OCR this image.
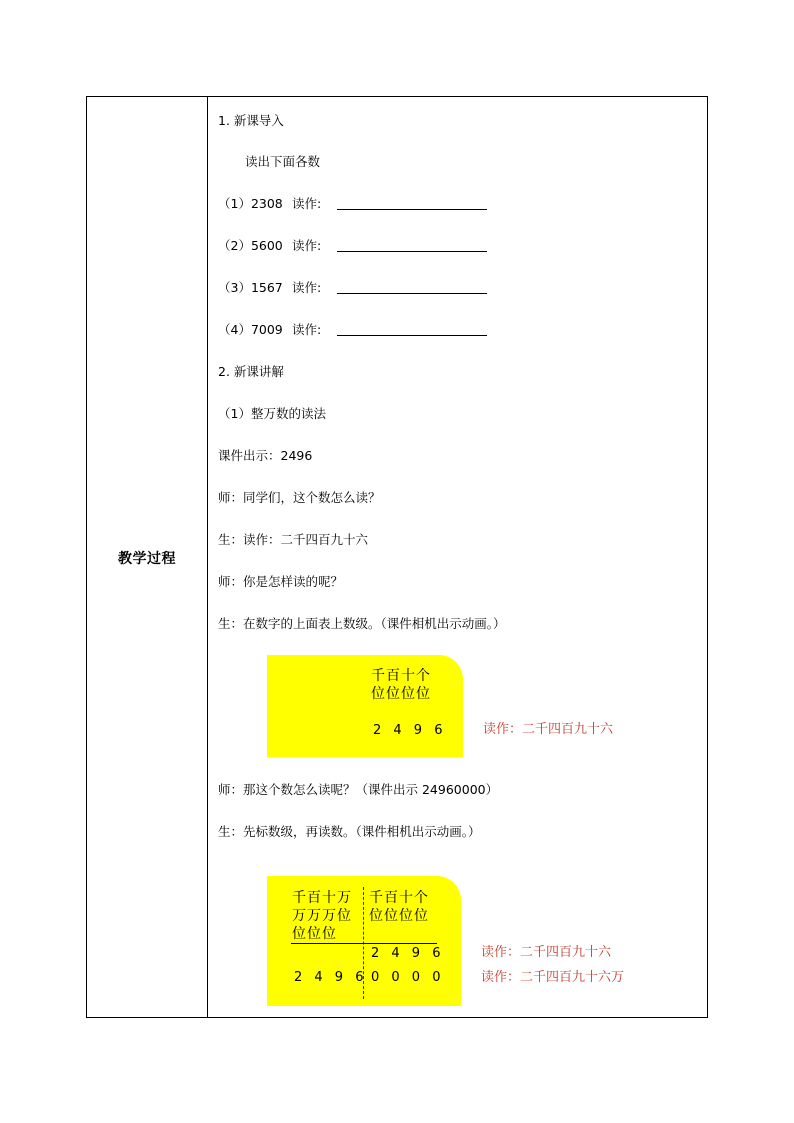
教学过程
1. 新课导入
读出下面各数
（1）2308 读作:
（2）5600 读作:
（3）1567 读作:
（4）7009 读作:
2. 新课讲解
（1）整万数的读法
课件出示：2496
师：同学们，这个数怎么读？
生：读作：二千四百九十六
师：你是怎样读的呢？
生：在数字的上面表上数级。（课件相机出示动画。）
千百十个
位位位位
2 4 9 6	读作：二千四百九十六
师：那这个数怎么读呢？（课件出示 24960000）
生：先标数级，再读数。（课件相机出示动画。）
千百十万
万万万位
位位位
千百十个
位位位位
2 4 9 6
2 4 9 6 0 0 0 0
读作：二千四百九十六
读作：二千四百九十六万
